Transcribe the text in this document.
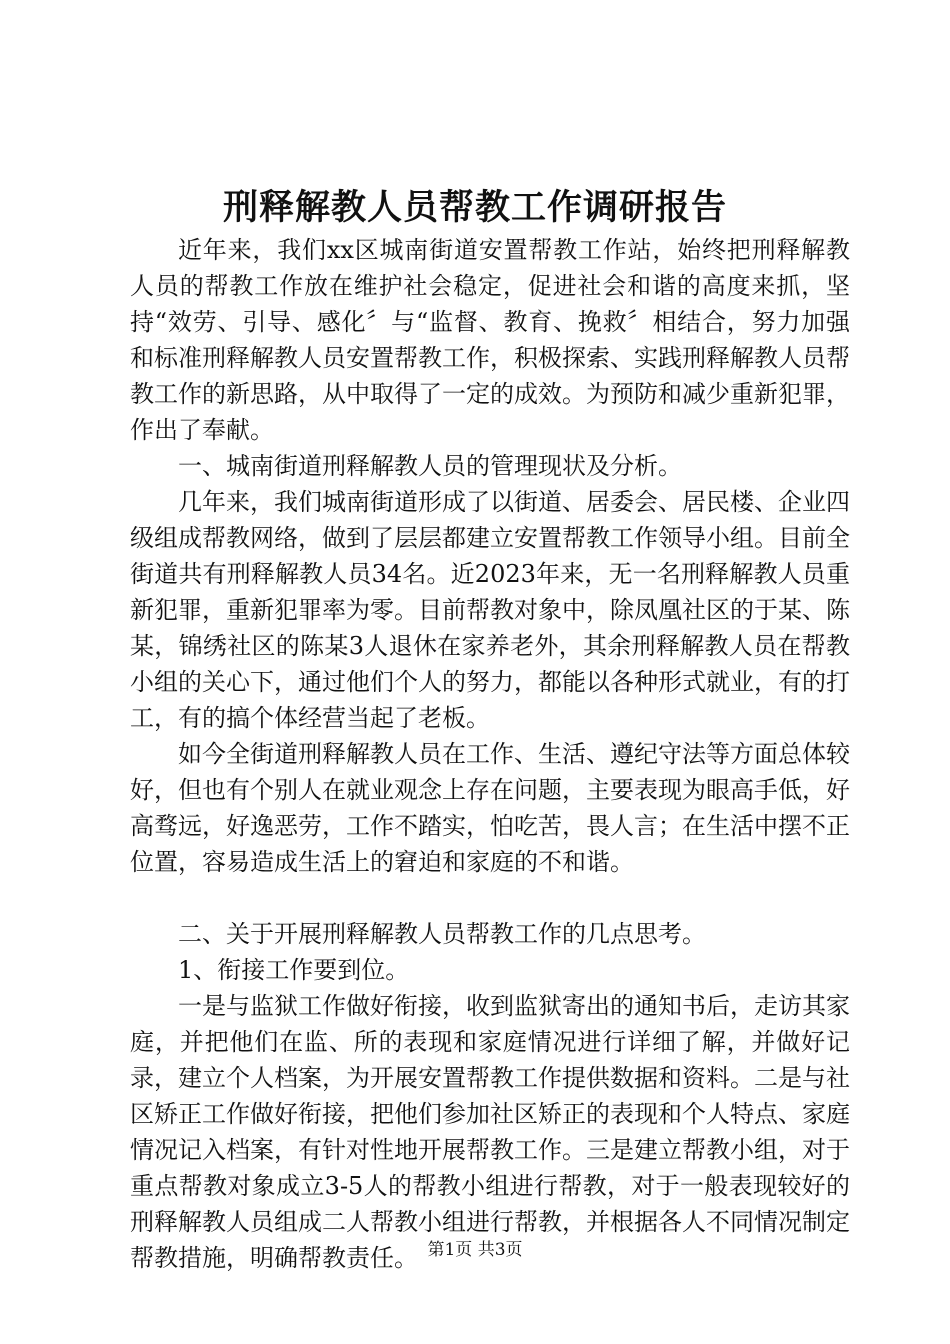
刑释解教人员帮教工作调研报告

近年来，我们xx区城南街道安置帮教工作站，始终把刑释解教人员的帮教工作放在维护社会稳定，促进社会和谐的高度来抓，坚持“效劳、引导、感化〞与“监督、教育、挽救〞相结合，努力加强和标准刑释解教人员安置帮教工作，积极探索、实践刑释解教人员帮教工作的新思路，从中取得了一定的成效。为预防和减少重新犯罪，作出了奉献。

一、城南街道刑释解教人员的管理现状及分析。

几年来，我们城南街道形成了以街道、居委会、居民楼、企业四级组成帮教网络，做到了层层都建立安置帮教工作领导小组。目前全街道共有刑释解教人员34名。近2023年来，无一名刑释解教人员重新犯罪，重新犯罪率为零。目前帮教对象中，除凤凰社区的于某、陈某，锦绣社区的陈某3人退休在家养老外，其余刑释解教人员在帮教小组的关心下，通过他们个人的努力，都能以各种形式就业，有的打工，有的搞个体经营当起了老板。

如今全街道刑释解教人员在工作、生活、遵纪守法等方面总体较好，但也有个别人在就业观念上存在问题，主要表现为眼高手低，好高骛远，好逸恶劳，工作不踏实，怕吃苦，畏人言；在生活中摆不正位置，容易造成生活上的窘迫和家庭的不和谐。

二、关于开展刑释解教人员帮教工作的几点思考。

1、衔接工作要到位。

一是与监狱工作做好衔接，收到监狱寄出的通知书后，走访其家庭，并把他们在监、所的表现和家庭情况进行详细了解，并做好记录，建立个人档案，为开展安置帮教工作提供数据和资料。二是与社区矫正工作做好衔接，把他们参加社区矫正的表现和个人特点、家庭情况记入档案，有针对性地开展帮教工作。三是建立帮教小组，对于重点帮教对象成立3-5人的帮教小组进行帮教，对于一般表现较好的刑释解教人员组成二人帮教小组进行帮教，并根据各人不同情况制定帮教措施，明确帮教责任。 第1页 共3页
